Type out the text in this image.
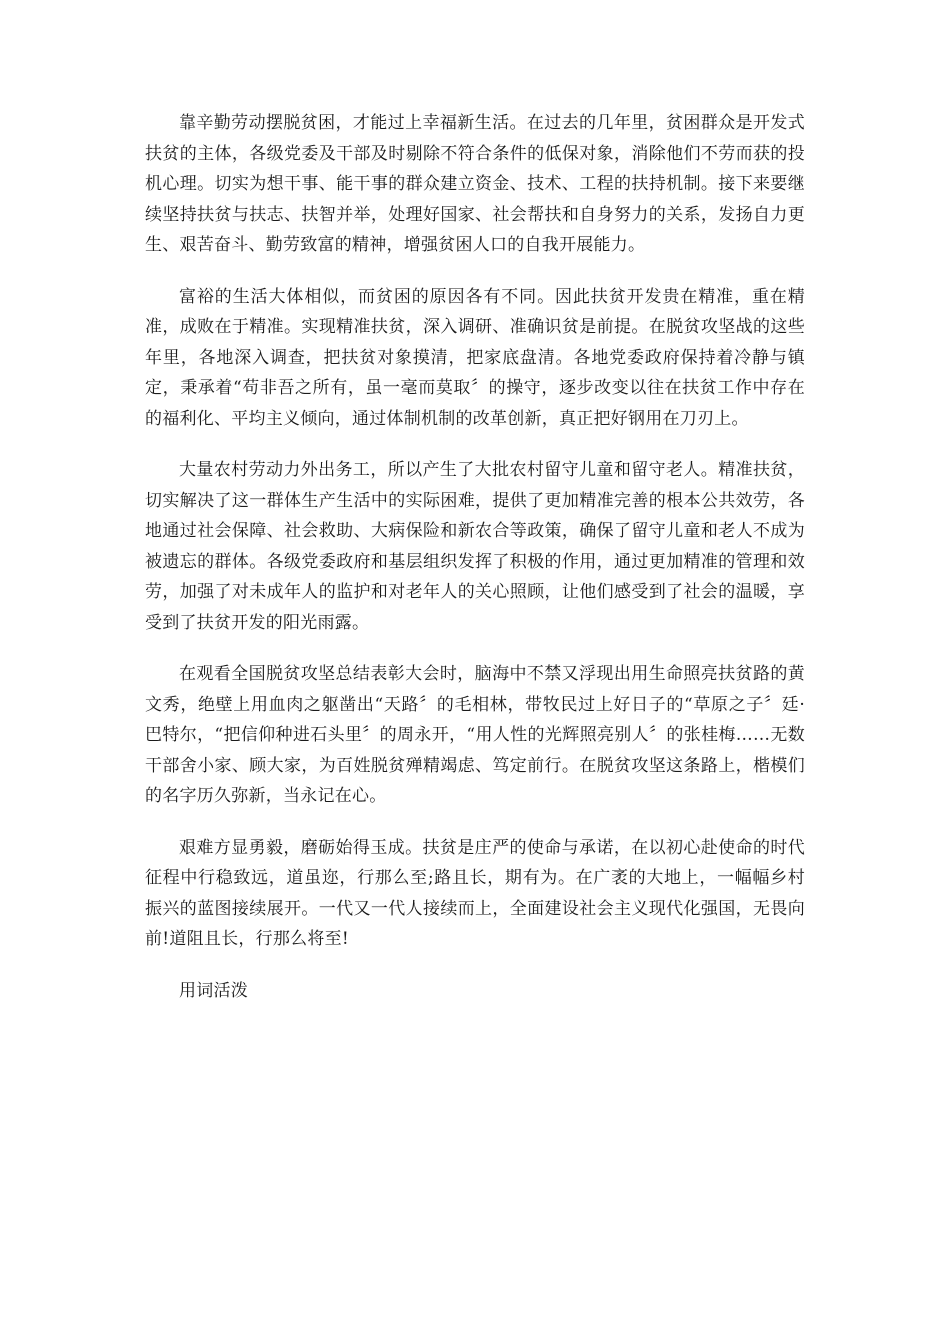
靠辛勤劳动摆脱贫困，才能过上幸福新生活。在过去的几年里，贫困群众是开发式扶贫的主体，各级党委及干部及时剔除不符合条件的低保对象，消除他们不劳而获的投机心理。切实为想干事、能干事的群众建立资金、技术、工程的扶持机制。接下来要继续坚持扶贫与扶志、扶智并举，处理好国家、社会帮扶和自身努力的关系，发扬自力更生、艰苦奋斗、勤劳致富的精神，增强贫困人口的自我开展能力。

富裕的生活大体相似，而贫困的原因各有不同。因此扶贫开发贵在精准，重在精准，成败在于精准。实现精准扶贫，深入调研、准确识贫是前提。在脱贫攻坚战的这些年里，各地深入调查，把扶贫对象摸清，把家底盘清。各地党委政府保持着冷静与镇定，秉承着“苟非吾之所有，虽一毫而莫取〞的操守，逐步改变以往在扶贫工作中存在的福利化、平均主义倾向，通过体制机制的改革创新，真正把好钢用在刀刃上。

大量农村劳动力外出务工，所以产生了大批农村留守儿童和留守老人。精准扶贫，切实解决了这一群体生产生活中的实际困难，提供了更加精准完善的根本公共效劳，各地通过社会保障、社会救助、大病保险和新农合等政策，确保了留守儿童和老人不成为被遗忘的群体。各级党委政府和基层组织发挥了积极的作用，通过更加精准的管理和效劳，加强了对未成年人的监护和对老年人的关心照顾，让他们感受到了社会的温暖，享受到了扶贫开发的阳光雨露。

在观看全国脱贫攻坚总结表彰大会时，脑海中不禁又浮现出用生命照亮扶贫路的黄文秀，绝壁上用血肉之躯凿出“天路〞的毛相林，带牧民过上好日子的“草原之子〞廷·巴特尔，“把信仰种进石头里〞的周永开，“用人性的光辉照亮别人〞的张桂梅……无数干部舍小家、顾大家，为百姓脱贫殚精竭虑、笃定前行。在脱贫攻坚这条路上，楷模们的名字历久弥新，当永记在心。

艰难方显勇毅，磨砺始得玉成。扶贫是庄严的使命与承诺，在以初心赴使命的时代征程中行稳致远，道虽迩，行那么至;路且长，期有为。在广袤的大地上，一幅幅乡村振兴的蓝图接续展开。一代又一代人接续而上，全面建设社会主义现代化强国，无畏向前!道阻且长，行那么将至!

用词活泼
